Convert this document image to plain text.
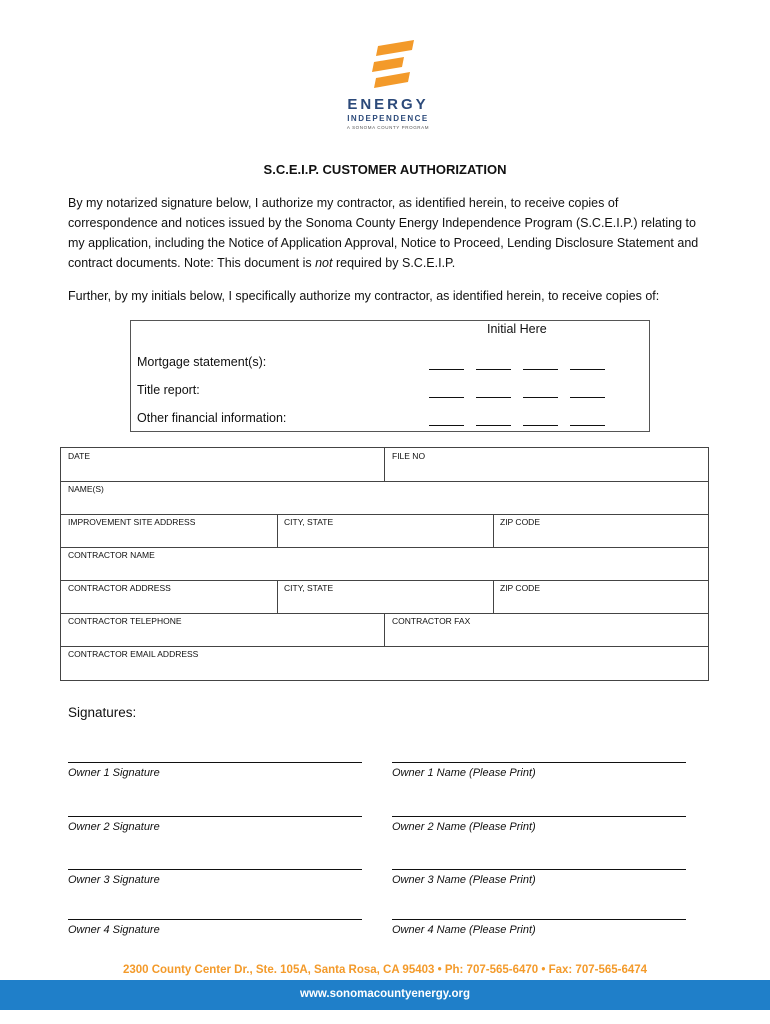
ENERGY
INDEPENDENCE
A SONOMA COUNTY PROGRAM
S.C.E.I.P. CUSTOMER AUTHORIZATION

By my notarized signature below, I authorize my contractor, as identified herein, to receive copies of correspondence and notices issued by the Sonoma County Energy Independence Program (S.C.E.I.P.) relating to my application, including the Notice of Application Approval, Notice to Proceed, Lending Disclosure Statement and contract documents. Note: This document is not required by S.C.E.I.P.

Further, by my initials below, I specifically authorize my contractor, as identified herein, to receive copies of:

Initial Here
Mortgage statement(s):
Title report:
Other financial information:
DATE	FILE NO
NAME(S)
IMPROVEMENT SITE ADDRESS	CITY, STATE	ZIP CODE
CONTRACTOR NAME
CONTRACTOR ADDRESS	CITY, STATE	ZIP CODE
CONTRACTOR TELEPHONE	CONTRACTOR FAX
CONTRACTOR EMAIL ADDRESS
Signatures:
Owner 1 Signature	Owner 1 Name (Please Print)
Owner 2 Signature	Owner 2 Name (Please Print)
Owner 3 Signature	Owner 3 Name (Please Print)
Owner 4 Signature	Owner 4 Name (Please Print)
2300 County Center Dr., Ste. 105A, Santa Rosa, CA 95403 • Ph: 707-565-6470 • Fax: 707-565-6474
www.sonomacountyenergy.org
